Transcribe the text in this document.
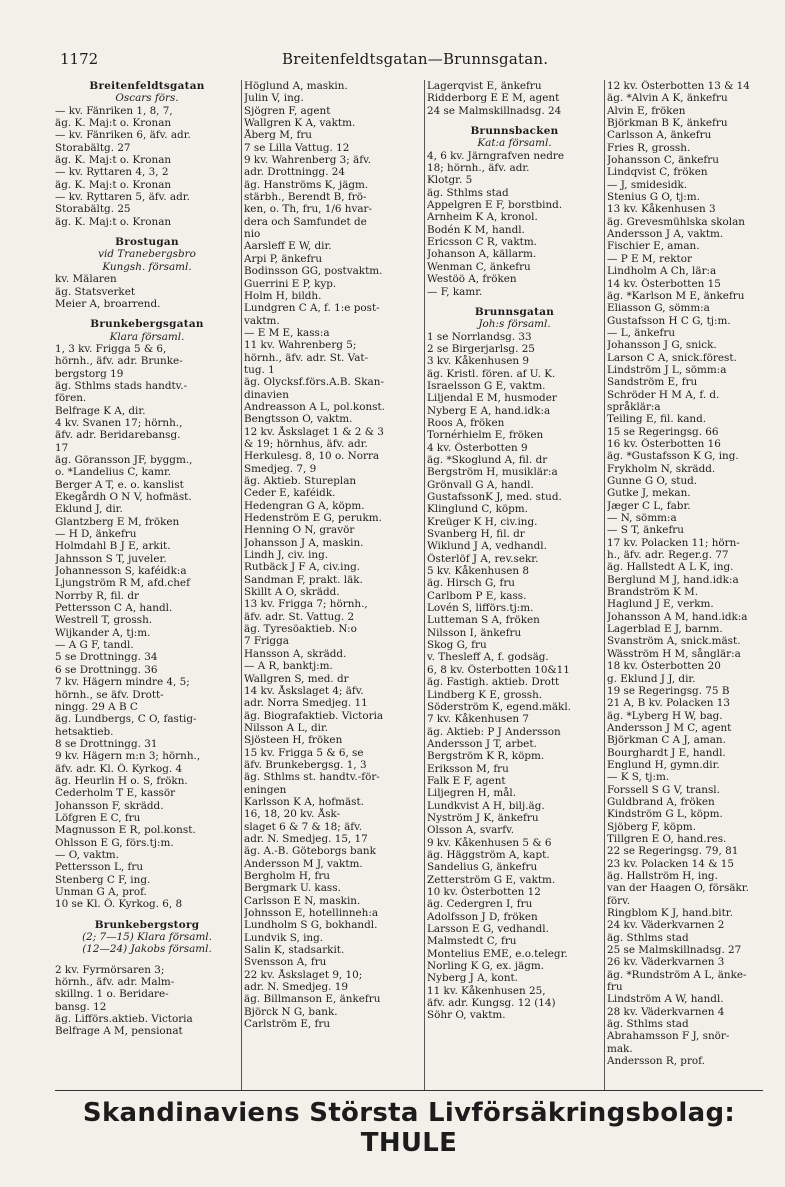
1172	Breitenfeldtsgatan—Brunnsgatan.
Breitenfeldtsgatan
Oscars förs.
— kv. Fänriken 1, 8, 7,
äg. K. Maj:t o. Kronan
— kv. Fänriken 6, äfv. adr.
Storabältg. 27
äg. K. Maj:t o. Kronan
— kv. Ryttaren 4, 3, 2
äg. K. Maj:t o. Kronan
— kv. Ryttaren 5, äfv. adr.
Storabältg. 25
äg. K. Maj:t o. Kronan
Brostugan
vid Tranebergsbro
Kungsh. församl.
kv. Mälaren
äg. Statsverket
Meier A, broarrend.
Brunkebergsgatan
Klara församl.
1, 3 kv. Frigga 5 & 6,
hörnh., äfv. adr. Brunke-
bergstorg 19
äg. Sthlms stads handtv.-
fören.
Belfrage K A, dir.
4 kv. Svanen 17; hörnh.,
äfv. adr. Beridarebansg.
17
äg. Göransson JF, byggm.,
o. *Landelius C, kamr.
Berger A T, e. o. kanslist
Ekegårdh O N V, hofmäst.
Eklund J, dir.
Glantzberg E M, fröken
— H D, änkefru
Holmdahl B J E, arkit.
Jahnsson S T, juveler.
Johannesson S, kaféidk:a
Ljungström R M, afd.chef
Norrby R, fil. dr
Pettersson C A, handl.
Westrell T, grossh.
Wijkander A, tj:m.
— A G F, tandl.
5 se Drottningg. 34
6 se Drottningg. 36
7 kv. Hägern mindre 4, 5;
hörnh., se äfv. Drott-
ningg. 29 A B C
äg. Lundbergs, C O, fastig-
hetsaktieb.
8 se Drottningg. 31
9 kv. Hägern m:n 3; hörnh.,
äfv. adr. Kl. Ö. Kyrkog. 4
äg. Heurlin H o. S, frökn.
Cederholm T E, kassör
Johansson F, skrädd.
Löfgren E C, fru
Magnusson E R, pol.konst.
Ohlsson E G, förs.tj:m.
— O, vaktm.
Pettersson L, fru
Stenberg C F, ing.
Unman G A, prof.
10 se Kl. Ö. Kyrkog. 6, 8
Brunkebergstorg
(2; 7—15) Klara församl.
(12—24) Jakobs församl.
2 kv. Fyrmörsaren 3;
hörnh., äfv. adr. Malm-
skillng. 1 o. Beridare-
bansg. 12
äg. Lifförs.aktieb. Victoria
Belfrage A M, pensionat
Höglund A, maskin.
Julin V, ing.
Sjögren F, agent
Wallgren K A, vaktm.
Åberg M, fru
7 se Lilla Vattug. 12
9 kv. Wahrenberg 3; äfv.
adr. Drottningg. 24
äg. Hanströms K, jägm.
stärbh., Berendt B, frö-
ken, o. Th, fru, 1/6 hvar-
dera och Samfundet de
nio
Aarsleff E W, dir.
Arpi P, änkefru
Bodinsson GG, postvaktm.
Guerrini E P, kyp.
Holm H, bildh.
Lundgren C A, f. 1:e post-
vaktm.
— E M E, kass:a
11 kv. Wahrenberg 5;
hörnh., äfv. adr. St. Vat-
tug. 1
äg. Olycksf.förs.A.B. Skan-
dinavien
Andreasson A L, pol.konst.
Bengtsson O, vaktm.
12 kv. Åskslaget 1 & 2 & 3
& 19; hörnhus, äfv. adr.
Herkulesg. 8, 10 o. Norra
Smedjeg. 7, 9
äg. Aktieb. Stureplan
Ceder E, kaféidk.
Hedengran G A, köpm.
Hedenström E G, perukm.
Henning O N, gravör
Johansson J A, maskin.
Lindh J, civ. ing.
Rutbäck J F A, civ.ing.
Sandman F, prakt. läk.
Skillt A O, skrädd.
13 kv. Frigga 7; hörnh.,
äfv. adr. St. Vattug. 2
äg. Tyresöaktieb. N:o
7 Frigga
Hansson A, skrädd.
— A R, banktj:m.
Wallgren S, med. dr
14 kv. Åskslaget 4; äfv.
adr. Norra Smedjeg. 11
äg. Biografaktieb. Victoria
Nilsson A L, dir.
Sjösteen H, fröken
15 kv. Frigga 5 & 6, se
äfv. Brunkebergsg. 1, 3
äg. Sthlms st. handtv.-för-
eningen
Karlsson K A, hofmäst.
16, 18, 20 kv. Åsk-
slaget 6 & 7 & 18; äfv.
adr. N. Smedjeg. 15, 17
äg. A.-B. Göteborgs bank
Andersson M J, vaktm.
Bergholm H, fru
Bergmark U. kass.
Carlsson E N, maskin.
Johnsson E, hotellinneh:a
Lundholm S G, bokhandl.
Lundvik S, ing.
Salin K, stadsarkit.
Svensson A, fru
22 kv. Åskslaget 9, 10;
adr. N. Smedjeg. 19
äg. Billmanson E, änkefru
Björck N G, bank.
Carlström E, fru
Lagerqvist E, änkefru
Ridderborg E E M, agent
24 se Malmskillnadsg. 24
Brunnsbacken
Kat:a församl.
4, 6 kv. Järngrafven nedre
18; hörnh., äfv. adr.
Klotgr. 5
äg. Sthlms stad
Appelgren E F, borstbind.
Arnheim K A, kronol.
Bodén K M, handl.
Ericsson C R, vaktm.
Johanson A, källarm.
Wenman C, änkefru
Westöö A, fröken
— F, kamr.
Brunnsgatan
Joh:s församl.
1 se Norrlandsg. 33
2 se Birgerjarlsg. 25
3 kv. Kåkenhusen 9
äg. Kristl. fören. af U. K.
Israelsson G E, vaktm.
Liljendal E M, husmoder
Nyberg E A, hand.idk:a
Roos A, fröken
Tornérhielm E, fröken
4 kv. Österbotten 9
äg. *Skoglund A, fil. dr
Bergström H, musiklär:a
Grönvall G A, handl.
GustafssonK J, med. stud.
Klinglund C, köpm.
Kreüger K H, civ.ing.
Svanberg H, fil. dr
Wiklund J A, vedhandl.
Österlöf J A, rev.sekr.
5 kv. Kåkenhusen 8
äg. Hirsch G, fru
Carlbom P E, kass.
Lovén S, lifförs.tj:m.
Lutteman S A, fröken
Nilsson I, änkefru
Skog G, fru
v. Thesleff A, f. godsäg.
6, 8 kv. Österbotten 10&11
äg. Fastigh. aktieb. Drott
Lindberg K E, grossh.
Söderström K, egend.mäkl.
7 kv. Kåkenhusen 7
äg. Aktieb: P J Andersson
Andersson J T, arbet.
Bergström K R, köpm.
Eriksson M, fru
Falk E F, agent
Liljegren H, mål.
Lundkvist A H, bilj.äg.
Nyström J K, änkefru
Olsson A, svarfv.
9 kv. Kåkenhusen 5 & 6
äg. Häggström A, kapt.
Sandelius G, änkefru
Zetterström G E, vaktm.
10 kv. Österbotten 12
äg. Cedergren I, fru
Adolfsson J D, fröken
Larsson E G, vedhandl.
Malmstedt C, fru
Montelius EME, e.o.telegr.
Norling K G, ex. jägm.
Nyberg J A, kont.
11 kv. Kåkenhusen 25,
äfv. adr. Kungsg. 12 (14)
Söhr O, vaktm.
12 kv. Österbotten 13 & 14
äg. *Alvin A K, änkefru
Alvin E, fröken
Björkman B K, änkefru
Carlsson A, änkefru
Fries R, grossh.
Johansson C, änkefru
Lindqvist C, fröken
— J, smidesidk.
Stenius G O, tj:m.
13 kv. Kåkenhusen 3
äg. Grevesmühlska skolan
Andersson J A, vaktm.
Fischier E, aman.
— P E M, rektor
Lindholm A Ch, lär:a
14 kv. Österbotten 15
äg. *Karlson M E, änkefru
Eliasson G, sömm:a
Gustafsson H C G, tj:m.
— L, änkefru
Johansson J G, snick.
Larson C A, snick.förest.
Lindström J L, sömm:a
Sandström E, fru
Schröder H M A, f. d.
språklär:a
Teiling E, fil. kand.
15 se Regeringsg. 66
16 kv. Österbotten 16
äg. *Gustafsson K G, ing.
Frykholm N, skrädd.
Gunne G O, stud.
Gutke J, mekan.
Jæger C L, fabr.
— N, sömm:a
— S T, änkefru
17 kv. Polacken 11; hörn-
h., äfv. adr. Reger.g. 77
äg. Hallstedt A L K, ing.
Berglund M J, hand.idk:a
Brandström K M.
Haglund J E, verkm.
Johansson A M, hand.idk:a
Lagerblad E J, barnm.
Svanström A, snick.mäst.
Wäsström H M, sånglär:a
18 kv. Österbotten 20
g. Eklund J J, dir.
19 se Regeringsg. 75 B
21 A, B kv. Polacken 13
äg. *Lyberg H W, bag.
Andersson J M C, agent
Björkman C A J, aman.
Bourghardt J E, handl.
Englund H, gymn.dir.
— K S, tj:m.
Forssell S G V, transl.
Guldbrand A, fröken
Kindström G L, köpm.
Sjöberg F, köpm.
Tillgren E O, hand.res.
22 se Regeringsg. 79, 81
23 kv. Polacken 14 & 15
äg. Hallström H, ing.
van der Haagen O, försäkr.
förv.
Ringblom K J, hand.bitr.
24 kv. Väderkvarnen 2
äg. Sthlms stad
25 se Malmskillnadsg. 27
26 kv. Väderkvarnen 3
äg. *Rundström A L, änke-
fru
Lindström A W, handl.
28 kv. Väderkvarnen 4
äg. Sthlms stad
Abrahamsson F J, snör-
mak.
Andersson R, prof.
Skandinaviens Största Livförsäkringsbolag: THULE
